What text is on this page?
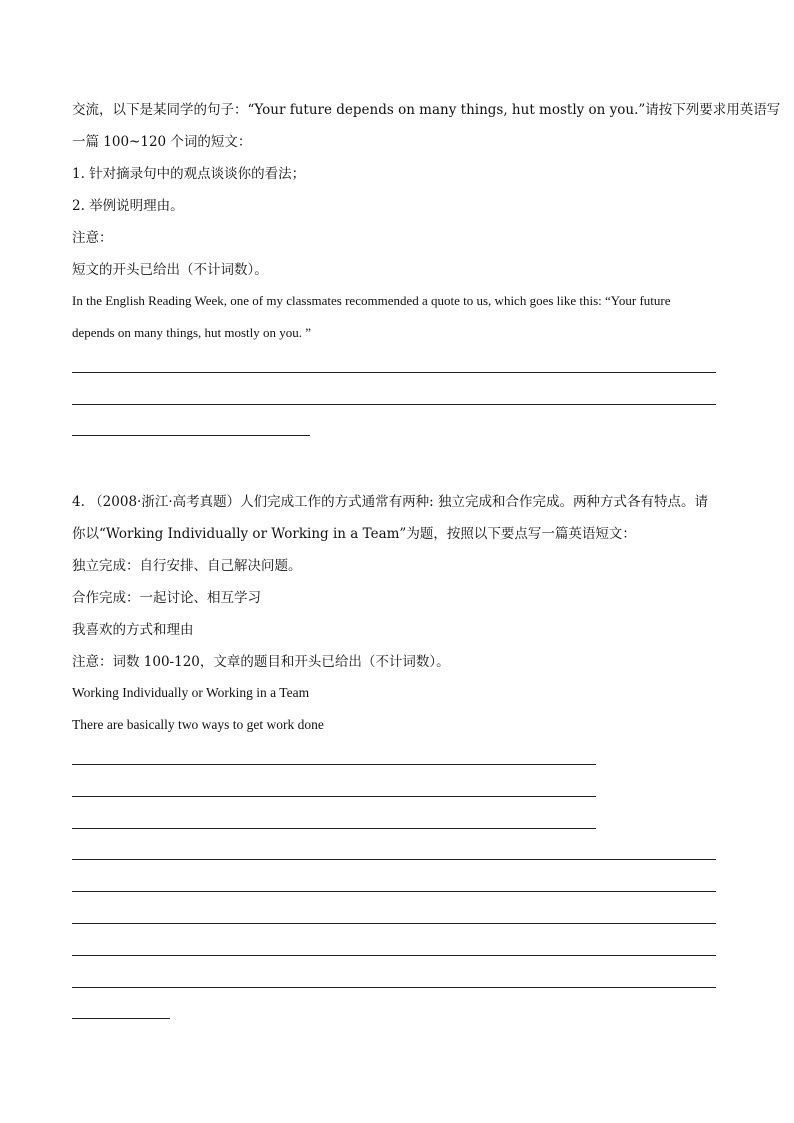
交流，以下是某同学的句子：“Your future depends on many things, hut mostly on you.”请按下列要求用英语写

一篇 100~120 个词的短文：

1. 针对摘录句中的观点谈谈你的看法；

2. 举例说明理由。

注意：

短文的开头已给出（不计词数）。

In the English Reading Week, one of my classmates recommended a quote to us, which goes like this: “Your future

depends on many things, hut mostly on you. ”

4. （2008·浙江·高考真题）人们完成工作的方式通常有两种: 独立完成和合作完成。两种方式各有特点。请

你以“Working Individually or Working in a Team”为题，按照以下要点写一篇英语短文：

独立完成：自行安排、自己解决问题。

合作完成：一起讨论、相互学习

我喜欢的方式和理由

注意：词数 100-120，文章的题目和开头已给出（不计词数）。

Working Individually or Working in a Team

There are basically two ways to get work done
